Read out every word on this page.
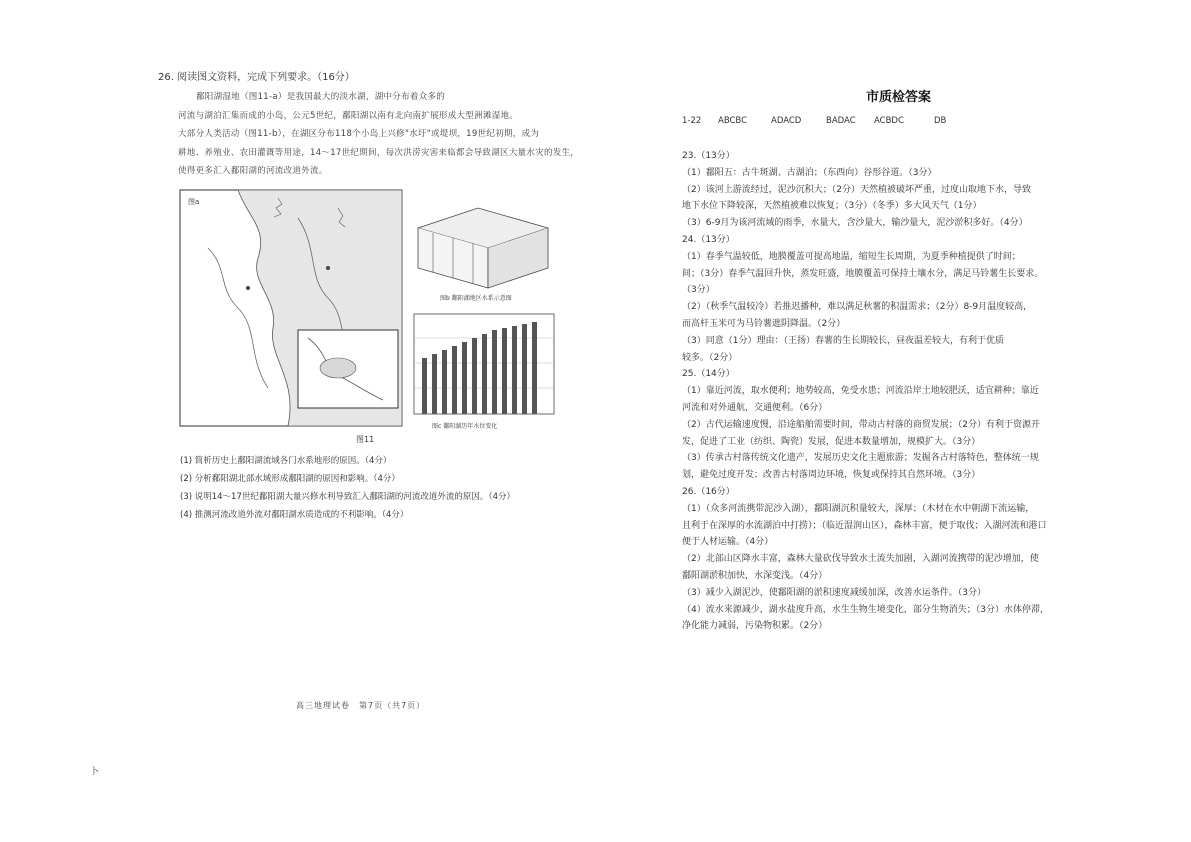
26. 阅读图文资料，完成下列要求。（16分）
鄱阳湖湿地（图11-a）是我国最大的淡水湖，湖中分布着众多的
河流与湖泊汇集而成的小岛，公元5世纪，鄱阳湖以南有北向南扩展形成大型洲滩湿地。
大部分人类活动（图11-b），在湖区分布118个小岛上兴修"水圩"或堤坝，19世纪初期，成为
耕地、养殖业、农田灌溉等用途，14～17世纪期间，每次洪涝灾害来临都会导致湖区大量水灾的发生，
使得更多汇入鄱阳湖的河流改道外流。
图a
图b 鄱阳湖地区水系示意图
图c 鄱阳湖历年水位变化
图11
(1) 简析历史上鄱阳湖流域各门水系地形的原因。（4分）
(2) 分析鄱阳湖北部水域形成鄱阳湖的原因和影响。（4分）
(3) 说明14～17世纪鄱阳湖大量兴修水利导致汇入鄱阳湖的河流改道外流的原因。（4分）
(4) 推测河流改道外流对鄱阳湖水质造成的不利影响。（4分）
高三地理试卷　第7页（共7页）
卜
市质检答案
1-22	ABCBC	ADACD	BADAC	ACBDC	DB
23.（13分）
（1）鄱阳五：古牛斑湖、古湖泊；（东西向）谷形谷道。（3分）
（2）该河上游流经过，泥沙沉积大；（2分）天然植被破坏严重，过度山取地下水，导致
地下水位下降较深，天然植被难以恢复；（3分）（冬季）多大风天气（1分）
（3）6-9月为该河流域的雨季，水量大，含沙量大，输沙量大，泥沙淤积多好。（4分）
24.（13分）
（1）春季气温较低，地膜覆盖可提高地温，缩短生长周期，为夏季种植提供了时间；
间；（3分）春季气温回升快，蒸发旺盛，地膜覆盖可保持土壤水分，满足马铃薯生长要求。
（3分）
（2）（秋季气温较冷）若推迟播种，难以满足秋薯的积温需求；（2分）8-9月温度较高，
而高杆玉米可为马铃薯遮阴降温。（2分）
（3）同意（1分）理由：（王扬）春薯的生长期较长，昼夜温差较大，有利于优质
较多。（2分）
25.（14分）
（1）靠近河流，取水便利；地势较高，免受水患；河流沿岸土地较肥沃，适宜耕种；靠近
河流和对外通航，交通便利。（6分）
（2）古代运输速度慢，沿途船舶需要时间，带动古村落的商贸发展；（2分）有利于资源开
发，促进了工业（纺织、陶瓷）发展，促进本数量增加，规模扩大。（3分）
（3）传承古村落传统文化遗产，发展历史文化主题旅游；发掘各古村落特色，整体统一规
划，避免过度开发；改善古村落周边环境，恢复或保持其自然环境。（3分）
26.（16分）
（1）（众多河流携带泥沙入湖），鄱阳湖沉积量较大，深厚；（木材在水中朝湖下流运输，
且利于在深厚的水流湖泊中打捞）；（临近湿润山区），森林丰富，便于取伐；入湖河流和港口
便于人材运输。（4分）
（2）北部山区降水丰富，森林大量砍伐导致水土流失加剧，入湖河流携带的泥沙增加，使
鄱阳湖淤积加快，水深变浅。（4分）
（3）减少入湖泥沙，使鄱阳湖的淤积速度减缓加深，改善水运条件。（3分）
（4）流水来源减少，湖水盐度升高，水生生物生境变化，部分生物消失；（3分）水体停滞，
净化能力减弱，污染物积累。（2分）
